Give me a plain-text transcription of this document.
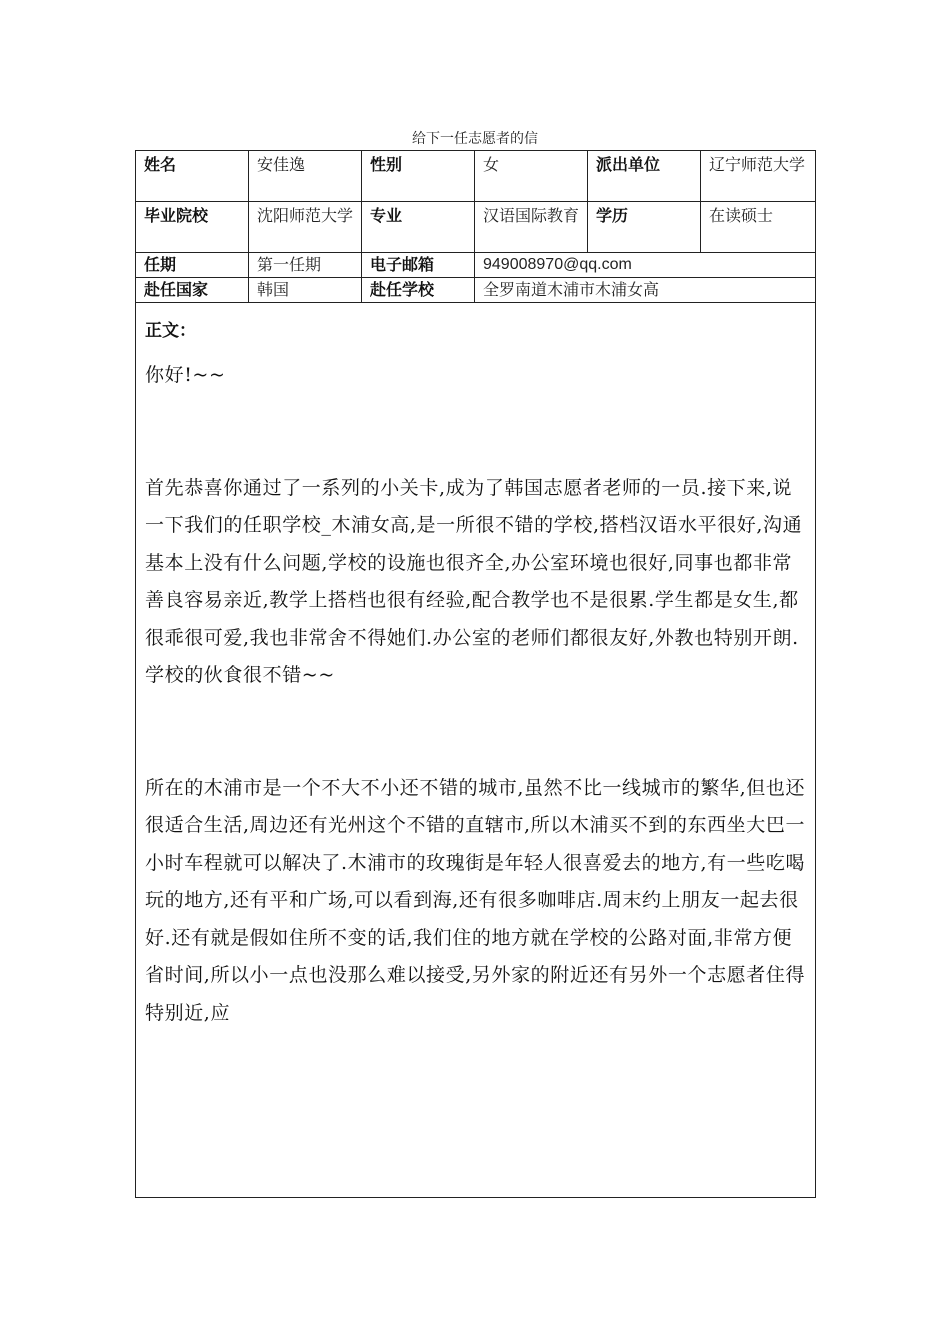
给下一任志愿者的信
姓名	安佳逸	性别	女	派出单位	辽宁师范大学
毕业院校	沈阳师范大学	专业	汉语国际教育	学历	在读硕士
任期	第一任期	电子邮箱	949008970@qq.com		
赴任国家	韩国	赴任学校	全罗南道木浦市木浦女高		

正文：

你好!~~

首先恭喜你通过了一系列的小关卡,成为了韩国志愿者老师的一员.接下来,说一下我们的任职学校_木浦女高,是一所很不错的学校,搭档汉语水平很好,沟通基本上没有什么问题,学校的设施也很齐全,办公室环境也很好,同事也都非常善良容易亲近,教学上搭档也很有经验,配合教学也不是很累.学生都是女生,都很乖很可爱,我也非常舍不得她们.办公室的老师们都很友好,外教也特别开朗.学校的伙食很不错~~

所在的木浦市是一个不大不小还不错的城市,虽然不比一线城市的繁华,但也还很适合生活,周边还有光州这个不错的直辖市,所以木浦买不到的东西坐大巴一小时车程就可以解决了.木浦市的玫瑰街是年轻人很喜爱去的地方,有一些吃喝玩的地方,还有平和广场,可以看到海,还有很多咖啡店.周末约上朋友一起去很好.还有就是假如住所不变的话,我们住的地方就在学校的公路对面,非常方便省时间,所以小一点也没那么难以接受,另外家的附近还有另外一个志愿者住得特别近,应					
